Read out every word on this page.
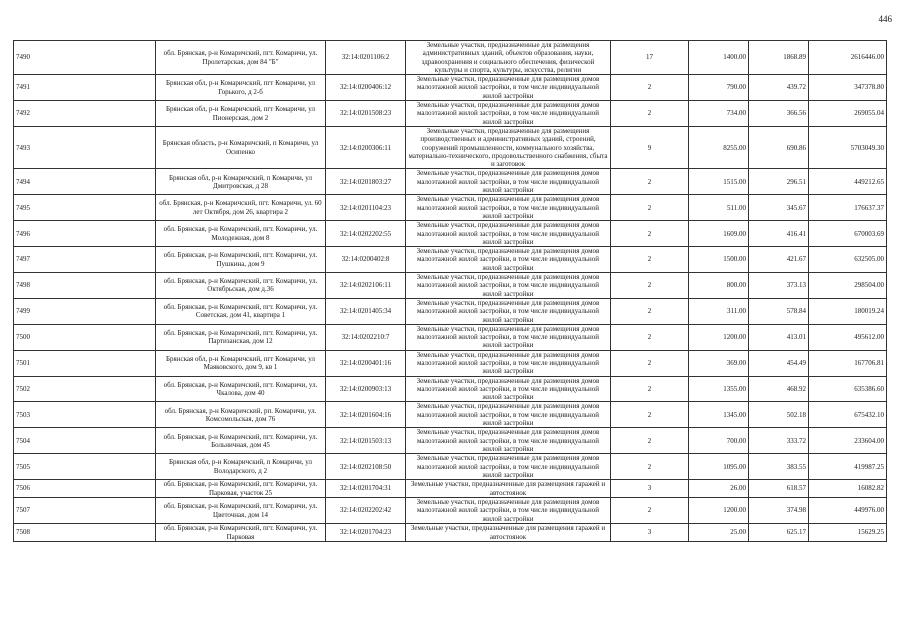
446
7490	обл. Брянская, р-н Комаричский, пгт. Комаричи, ул. Пролетарская, дом 84 "Б"	32:14:0201106:2	Земельные участки, предназначенные для размещения административных зданий, объектов образования, науки, здравоохранения и социального обеспечения, физической культуры и спорта, культуры, искусства, религии	17	1400.00	1868.89	2616446.00
7491	Брянская обл, р-н Комаричский, пгт Комаричи, ул Горького, д 2-б	32:14:0200406:12	Земельные участки, предназначенные для размещения домов малоэтажной жилой застройки, в том числе индивидуальной жилой застройки	2	790.00	439.72	347378.80
7492	Брянская обл, р-н Комаричский, пгт Комаричи, ул Пионерская, дом 2	32:14:0201508:23	Земельные участки, предназначенные для размещения домов малоэтажной жилой застройки, в том числе индивидуальной жилой застройки	2	734.00	366.56	269055.04
7493	Брянская область, р-н Комаричский, п Комаричи, ул Осипенко	32:14:0200306:11	Земельные участки, предназначенные для размещения производственных и административных зданий, строений, сооружений промышленности, коммунального хозяйства, материально-технического, продовольственного снабжения, сбыта и заготовок	9	8255.00	690.86	5703049.30
7494	Брянская обл, р-н Комаричский, п Комаричи, ул Дмитровская, д 28	32:14:0201803:27	Земельные участки, предназначенные для размещения домов малоэтажной жилой застройки, в том числе индивидуальной жилой застройки	2	1515.00	296.51	449212.65
7495	обл. Брянская, р-н Комаричский, пгт. Комаричи, ул. 60 лет Октября, дом 26, квартира 2	32:14:0201104:23	Земельные участки, предназначенные для размещения домов малоэтажной жилой застройки, в том числе индивидуальной жилой застройки	2	511.00	345.67	176637.37
7496	обл. Брянская, р-н Комаричский, пгт. Комаричи, ул. Молодежная, дом 8	32:14:0202202:55	Земельные участки, предназначенные для размещения домов малоэтажной жилой застройки, в том числе индивидуальной жилой застройки	2	1609.00	416.41	670003.69
7497	обл. Брянская, р-н Комаричский, пгт. Комаричи, ул. Пушкина, дом 9	32:14:0200402:8	Земельные участки, предназначенные для размещения домов малоэтажной жилой застройки, в том числе индивидуальной жилой застройки	2	1500.00	421.67	632505.00
7498	обл. Брянская, р-н Комаричский, пгт. Комаричи, ул. Октябрьская, дом д.36	32:14:0202106:11	Земельные участки, предназначенные для размещения домов малоэтажной жилой застройки, в том числе индивидуальной жилой застройки	2	800.00	373.13	298504.00
7499	обл. Брянская, р-н Комаричский, пгт. Комаричи, ул. Советская, дом 41, квартира 1	32:14:0201405:34	Земельные участки, предназначенные для размещения домов малоэтажной жилой застройки, в том числе индивидуальной жилой застройки	2	311.00	578.84	180019.24
7500	обл. Брянская, р-н Комаричский, пгт. Комаричи, ул. Партизанская, дом 12	32:14:0202210:7	Земельные участки, предназначенные для размещения домов малоэтажной жилой застройки, в том числе индивидуальной жилой застройки	2	1200.00	413.01	495612.00
7501	Брянская обл, р-н Комаричский, пгт Комаричи, ул Маяковского, дом 9, кв 1	32:14:0200401:16	Земельные участки, предназначенные для размещения домов малоэтажной жилой застройки, в том числе индивидуальной жилой застройки	2	369.00	454.49	167706.81
7502	обл. Брянская, р-н Комаричский, пгт. Комаричи, ул. Чкалова, дом 40	32:14:0200903:13	Земельные участки, предназначенные для размещения домов малоэтажной жилой застройки, в том числе индивидуальной жилой застройки	2	1355.00	468.92	635386.60
7503	обл. Брянская, р-н Комаричский, рп. Комаричи, ул. Комсомольская, дом 76	32:14:0201604:16	Земельные участки, предназначенные для размещения домов малоэтажной жилой застройки, в том числе индивидуальной жилой застройки	2	1345.00	502.18	675432.10
7504	обл. Брянская, р-н Комаричский, пгт. Комаричи, ул. Больничная, дом 45	32:14:0201503:13	Земельные участки, предназначенные для размещения домов малоэтажной жилой застройки, в том числе индивидуальной жилой застройки	2	700.00	333.72	233604.00
7505	Брянская обл, р-н Комаричский, п Комаричи, ул Володарского, д 2	32:14:0202108:50	Земельные участки, предназначенные для размещения домов малоэтажной жилой застройки, в том числе индивидуальной жилой застройки	2	1095.00	383.55	419987.25
7506	обл. Брянская, р-н Комаричский, пгт. Комаричи, ул. Парковая, участок 25	32:14:0201704:31	Земельные участки, предназначенные для размещения гаражей и автостоянок	3	26.00	618.57	16082.82
7507	обл. Брянская, р-н Комаричский, пгт. Комаричи, ул. Цветочная, дом 14	32:14:0202202:42	Земельные участки, предназначенные для размещения домов малоэтажной жилой застройки, в том числе индивидуальной жилой застройки	2	1200.00	374.98	449976.00
7508	обл. Брянская, р-н Комаричский, пгт. Комаричи, ул. Парковая	32:14:0201704:23	Земельные участки, предназначенные для размещения гаражей и автостоянок	3	25.00	625.17	15629.25
